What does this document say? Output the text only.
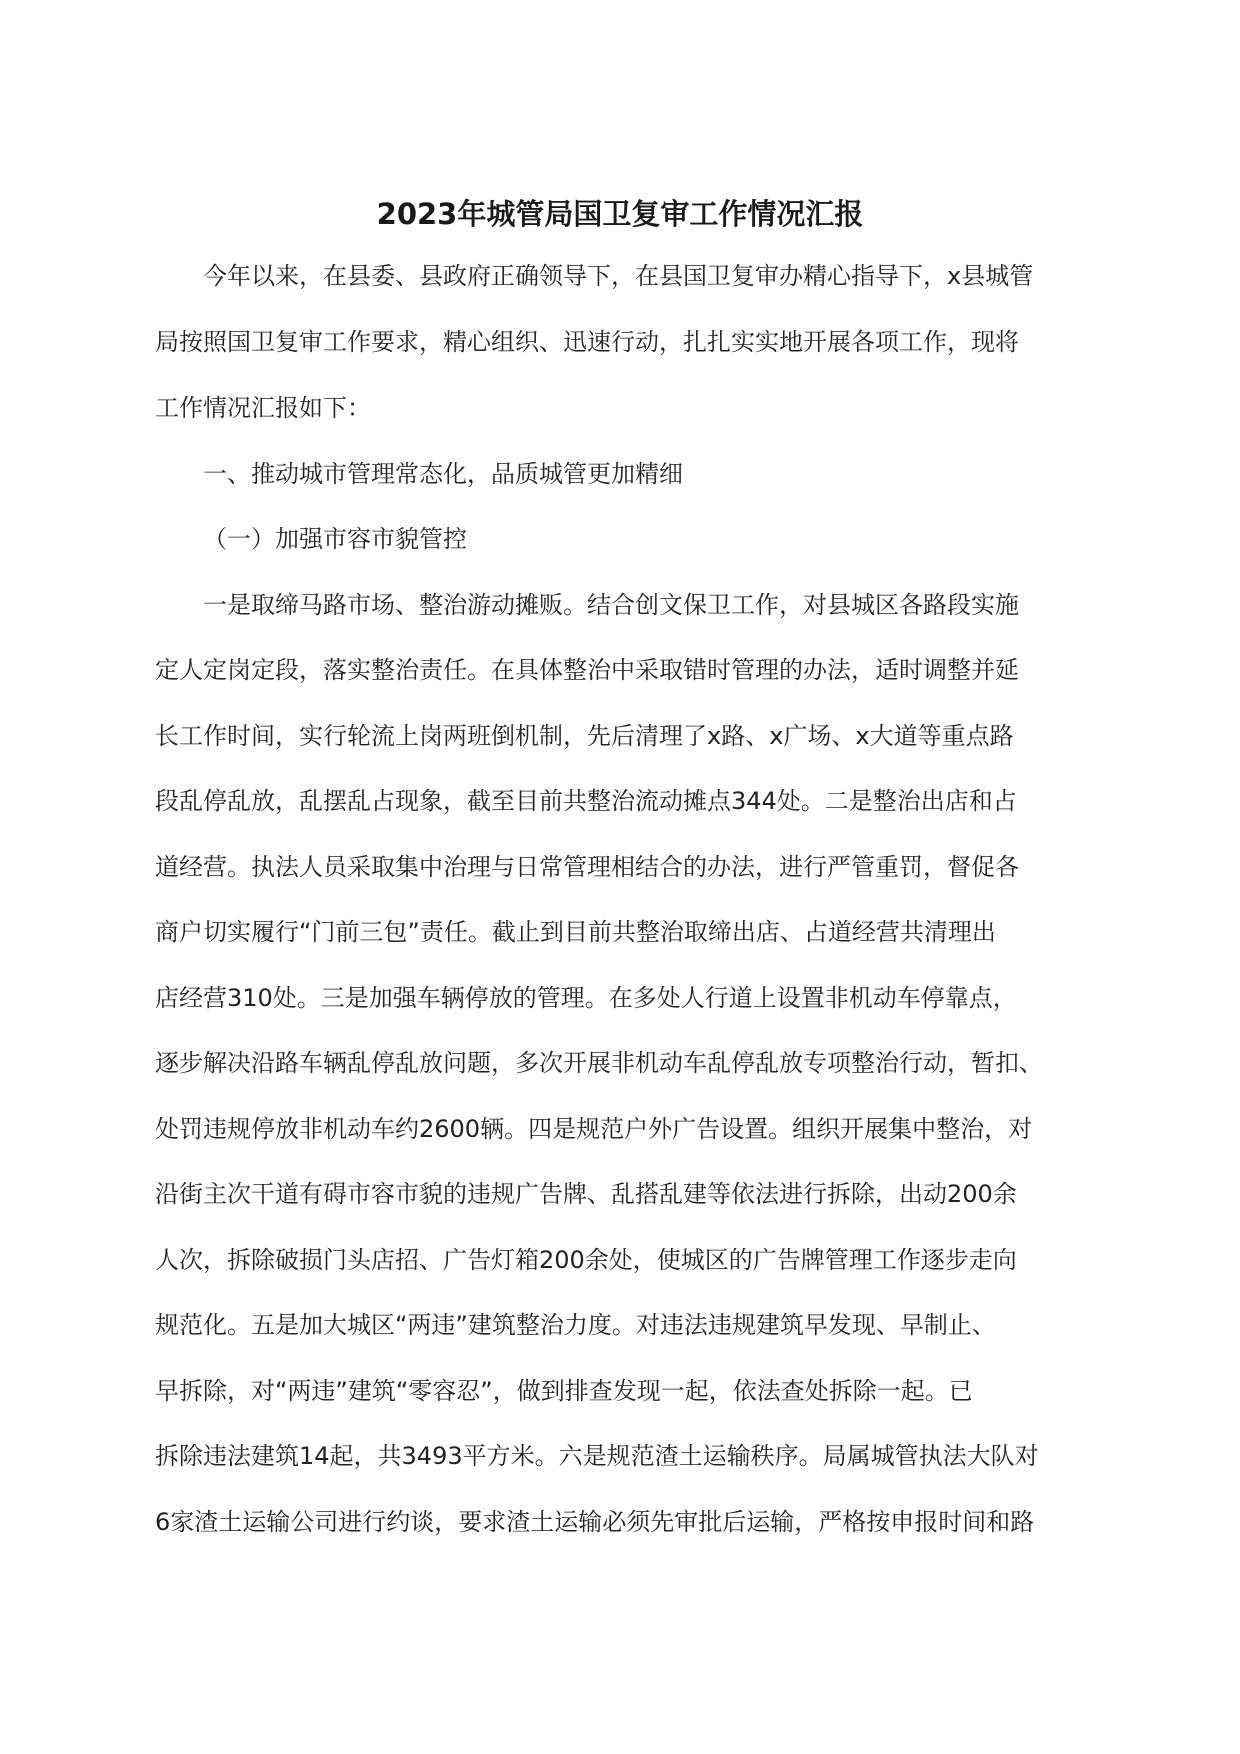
2023年城管局国卫复审工作情况汇报
今年以来，在县委、县政府正确领导下，在县国卫复审办精心指导下，x县城管
局按照国卫复审工作要求，精心组织、迅速行动，扎扎实实地开展各项工作，现将
工作情况汇报如下：
一、推动城市管理常态化，品质城管更加精细
（一）加强市容市貌管控
一是取缔马路市场、整治游动摊贩。结合创文保卫工作，对县城区各路段实施
定人定岗定段，落实整治责任。在具体整治中采取错时管理的办法，适时调整并延
长工作时间，实行轮流上岗两班倒机制，先后清理了x路、x广场、x大道等重点路
段乱停乱放，乱摆乱占现象，截至目前共整治流动摊点344处。二是整治出店和占
道经营。执法人员采取集中治理与日常管理相结合的办法，进行严管重罚，督促各
商户切实履行“门前三包”责任。截止到目前共整治取缔出店、占道经营共清理出
店经营310处。三是加强车辆停放的管理。在多处人行道上设置非机动车停靠点，
逐步解决沿路车辆乱停乱放问题，多次开展非机动车乱停乱放专项整治行动，暂扣、
处罚违规停放非机动车约2600辆。四是规范户外广告设置。组织开展集中整治，对
沿街主次干道有碍市容市貌的违规广告牌、乱搭乱建等依法进行拆除，出动200余
人次，拆除破损门头店招、广告灯箱200余处，使城区的广告牌管理工作逐步走向
规范化。五是加大城区“两违”建筑整治力度。对违法违规建筑早发现、早制止、
早拆除，对“两违”建筑“零容忍”，做到排查发现一起，依法查处拆除一起。已
拆除违法建筑14起，共3493平方米。六是规范渣土运输秩序。局属城管执法大队对
6家渣土运输公司进行约谈，要求渣土运输必须先审批后运输，严格按申报时间和路
